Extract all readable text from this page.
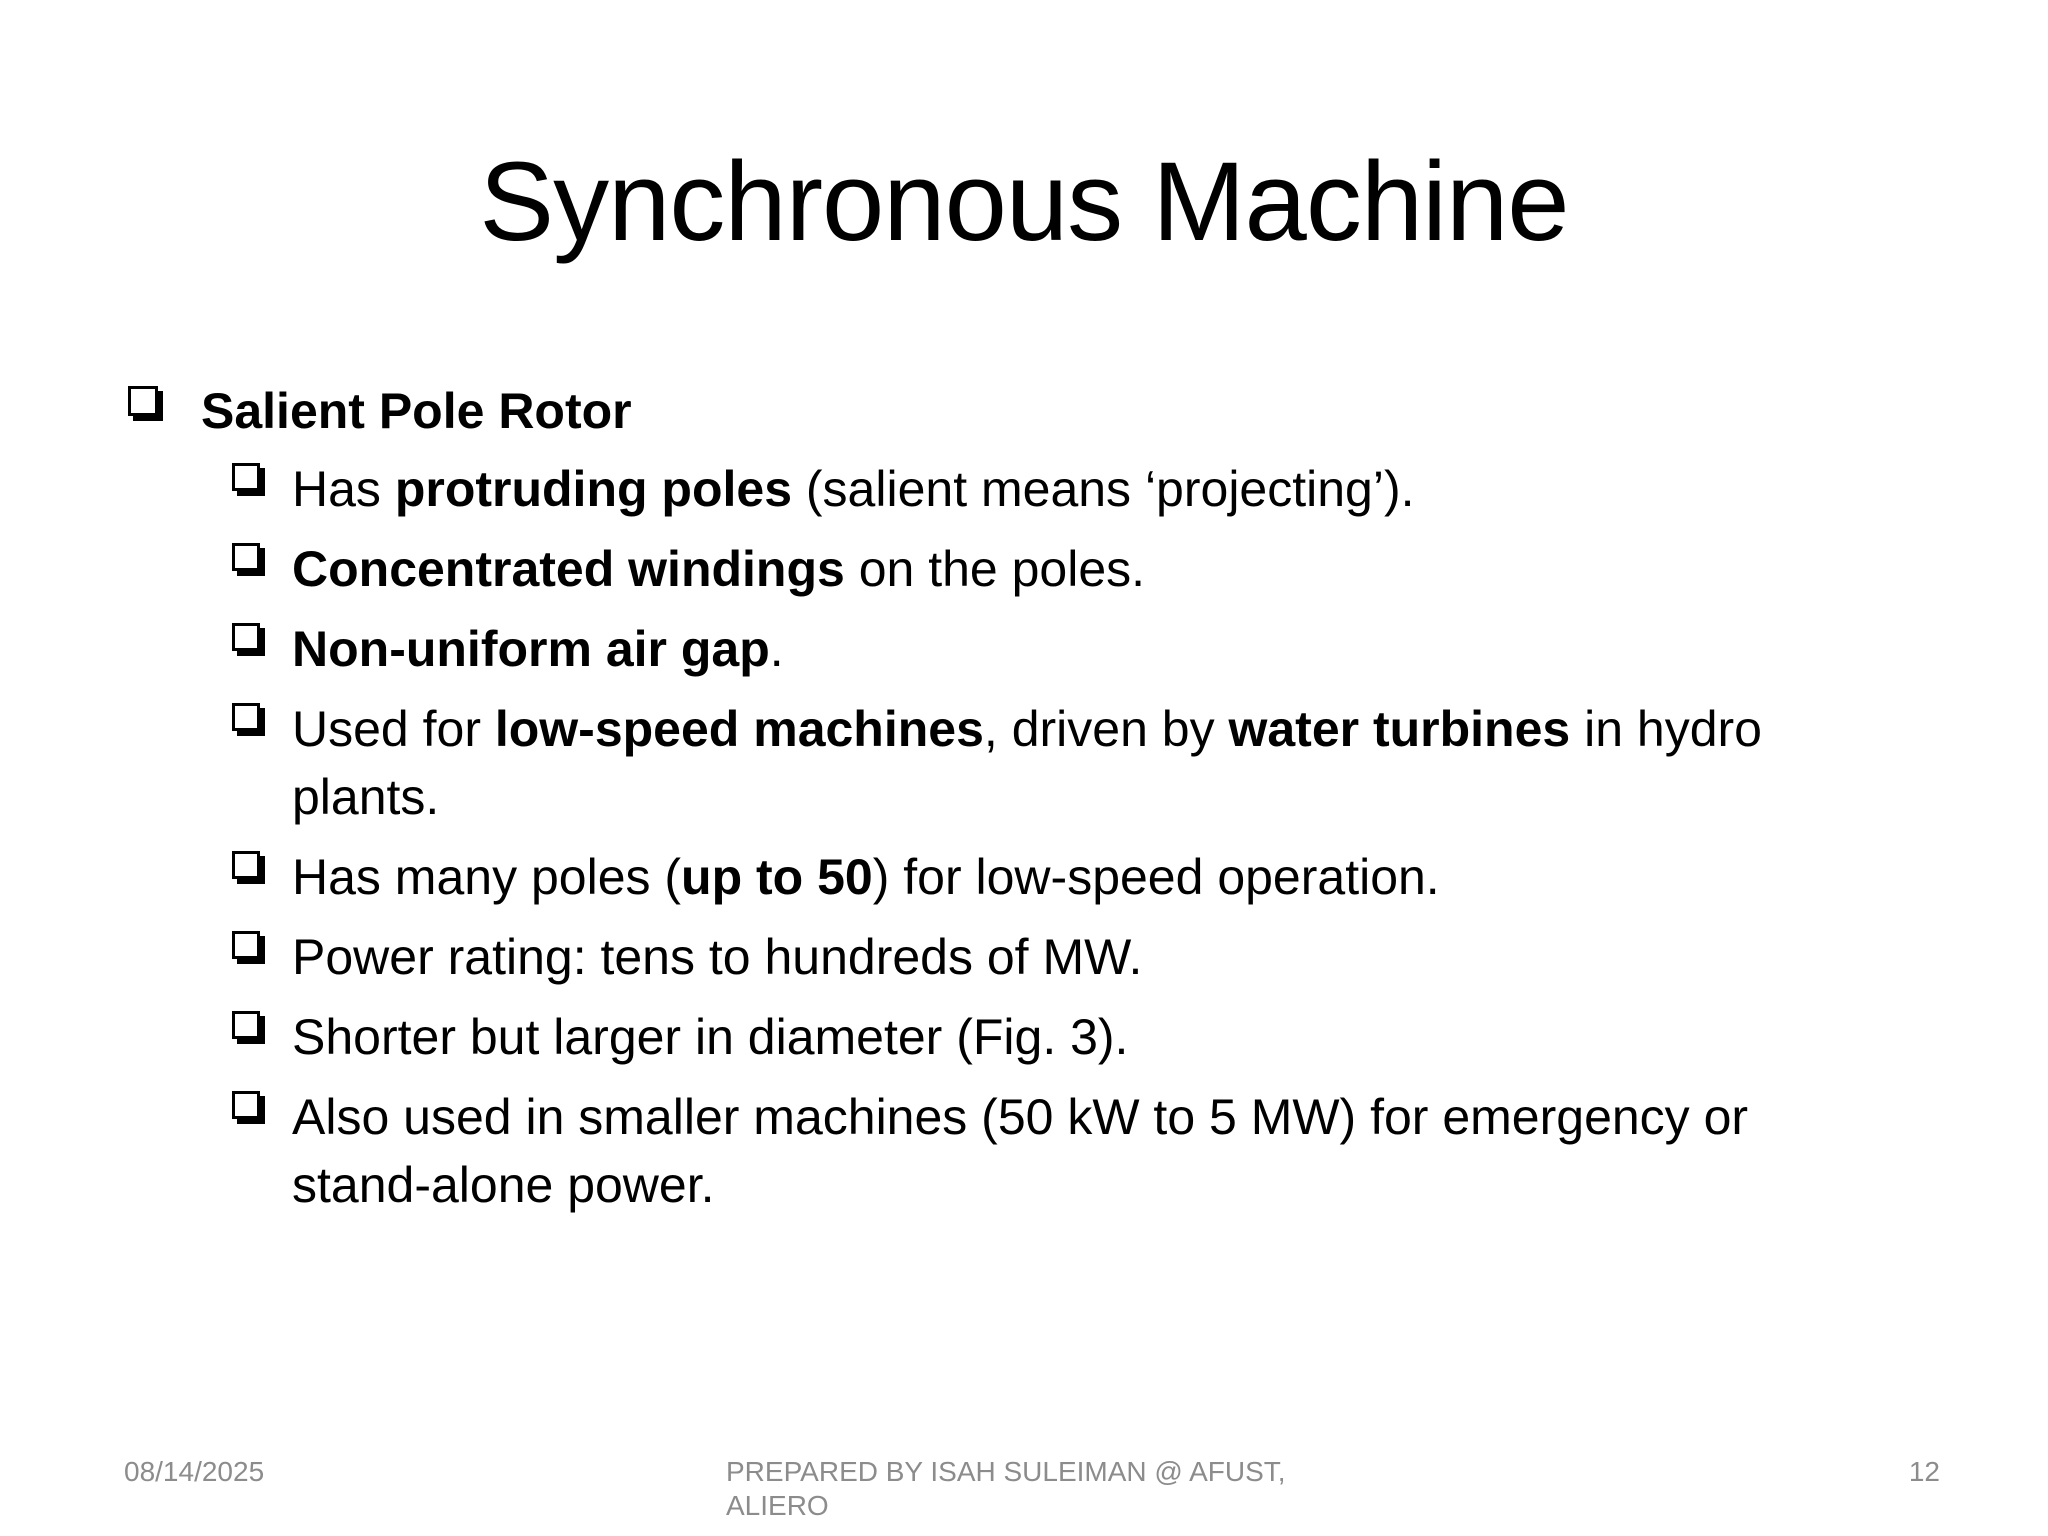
Synchronous Machine
Salient Pole Rotor
Has protruding poles (salient means ‘projecting’).
Concentrated windings on the poles.
Non-uniform air gap.
Used for low-speed machines, driven by water turbines in hydro plants.
Has many poles (up to 50) for low-speed operation.
Power rating: tens to hundreds of MW.
Shorter but larger in diameter (Fig. 3).
Also used in smaller machines (50 kW to 5 MW) for emergency or stand-alone power.
08/14/2025	PREPARED BY ISAH SULEIMAN @ AFUST, ALIERO
12
